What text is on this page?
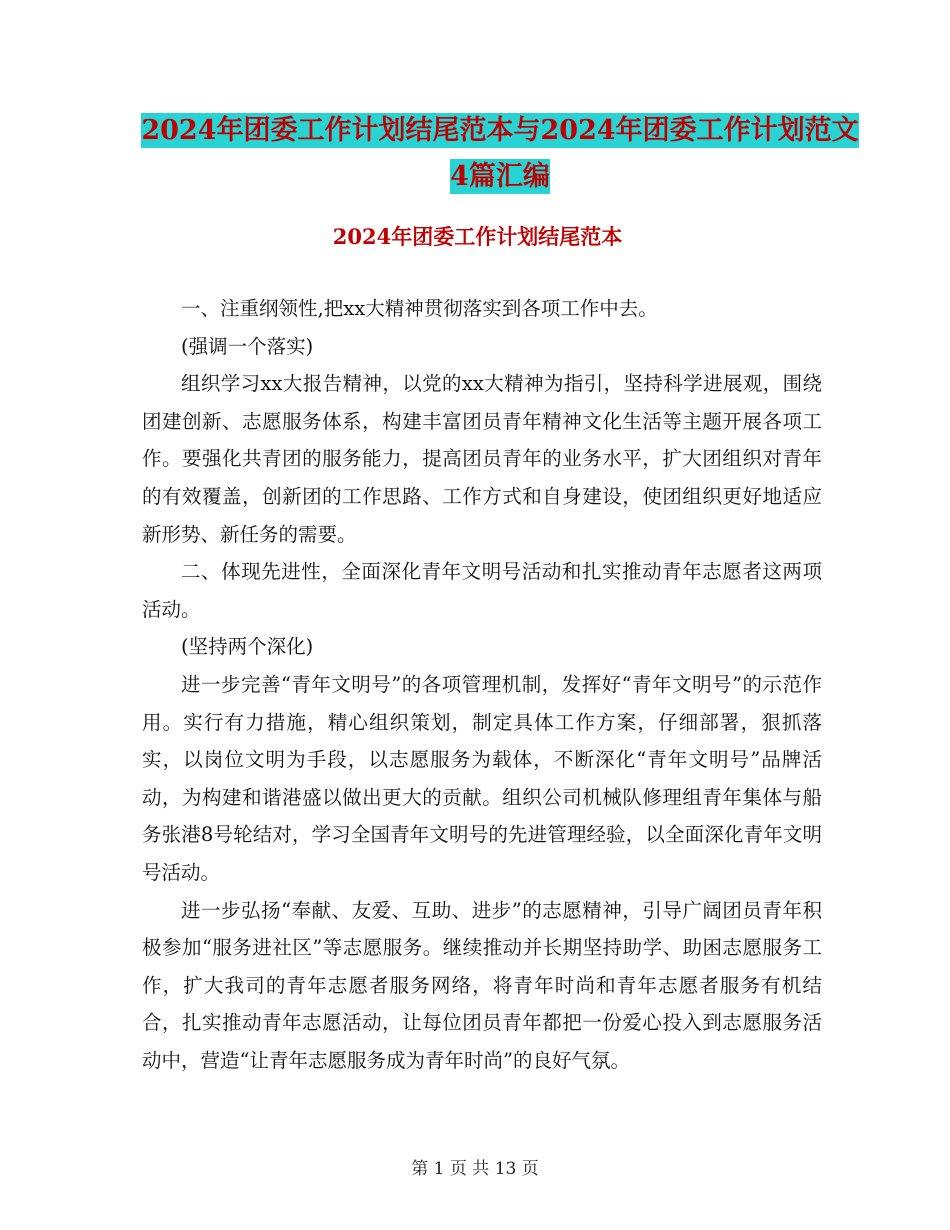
2024年团委工作计划结尾范本与2024年团委工作计划范文4篇汇编
2024年团委工作计划结尾范本

一、注重纲领性,把xx大精神贯彻落实到各项工作中去。

(强调一个落实)

组织学习xx大报告精神，以党的xx大精神为指引，坚持科学进展观，围绕团建创新、志愿服务体系，构建丰富团员青年精神文化生活等主题开展各项工作。要强化共青团的服务能力，提高团员青年的业务水平，扩大团组织对青年的有效覆盖，创新团的工作思路、工作方式和自身建设，使团组织更好地适应新形势、新任务的需要。

二、体现先进性，全面深化青年文明号活动和扎实推动青年志愿者这两项活动。

(坚持两个深化)

进一步完善“青年文明号”的各项管理机制，发挥好“青年文明号”的示范作用。实行有力措施，精心组织策划，制定具体工作方案，仔细部署，狠抓落实，以岗位文明为手段，以志愿服务为载体，不断深化“青年文明号”品牌活动，为构建和谐港盛以做出更大的贡献。组织公司机械队修理组青年集体与船务张港8号轮结对，学习全国青年文明号的先进管理经验，以全面深化青年文明号活动。

进一步弘扬“奉献、友爱、互助、进步”的志愿精神，引导广阔团员青年积极参加“服务进社区”等志愿服务。继续推动并长期坚持助学、助困志愿服务工作，扩大我司的青年志愿者服务网络，将青年时尚和青年志愿者服务有机结合，扎实推动青年志愿活动，让每位团员青年都把一份爱心投入到志愿服务活动中，营造“让青年志愿服务成为青年时尚”的良好气氛。

第 1 页 共 13 页
